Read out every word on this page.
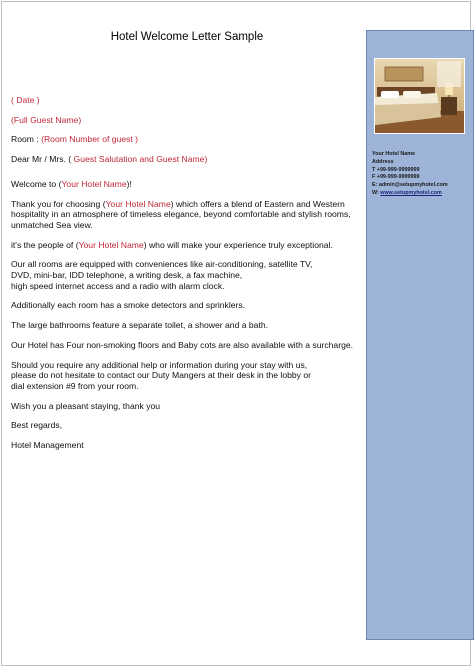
Hotel Welcome Letter Sample

( Date )

(Full Guest Name)

Room : (Room Number of guest )

Dear Mr / Mrs. ( Guest Salutation and Guest Name)

Welcome to (Your Hotel Name)!

Thank you for choosing (Your Hotel Name) which offers a blend of Eastern and Western hospitality in an atmosphere of timeless elegance, beyond comfortable and stylish rooms, unmatched Sea view.

it's the people of (Your Hotel Name) who will make your experience truly exceptional.

Our all rooms are equipped with conveniences like air-conditioning, satellite TV,
DVD, mini-bar, IDD telephone, a writing desk, a fax machine,
high speed internet access and a radio with alarm clock.

Additionally each room has a smoke detectors and sprinklers.

The large bathrooms feature a separate toilet, a shower and a bath.

Our Hotel has Four non-smoking floors and Baby cots are also available with a surcharge.

Should you require any additional help or information during your stay with us,
please do not hesitate to contact our Duty Mangers at their desk in the lobby or
dial extension #9 from your room.

Wish you a pleasant staying, thank you

Best regards,

Hotel Management

Your Hotel Name
Address
T +99-999-9999999
F +99-999-9999999
E: admin@setupmyhotel.com
W: www.setupmyhotel.com
